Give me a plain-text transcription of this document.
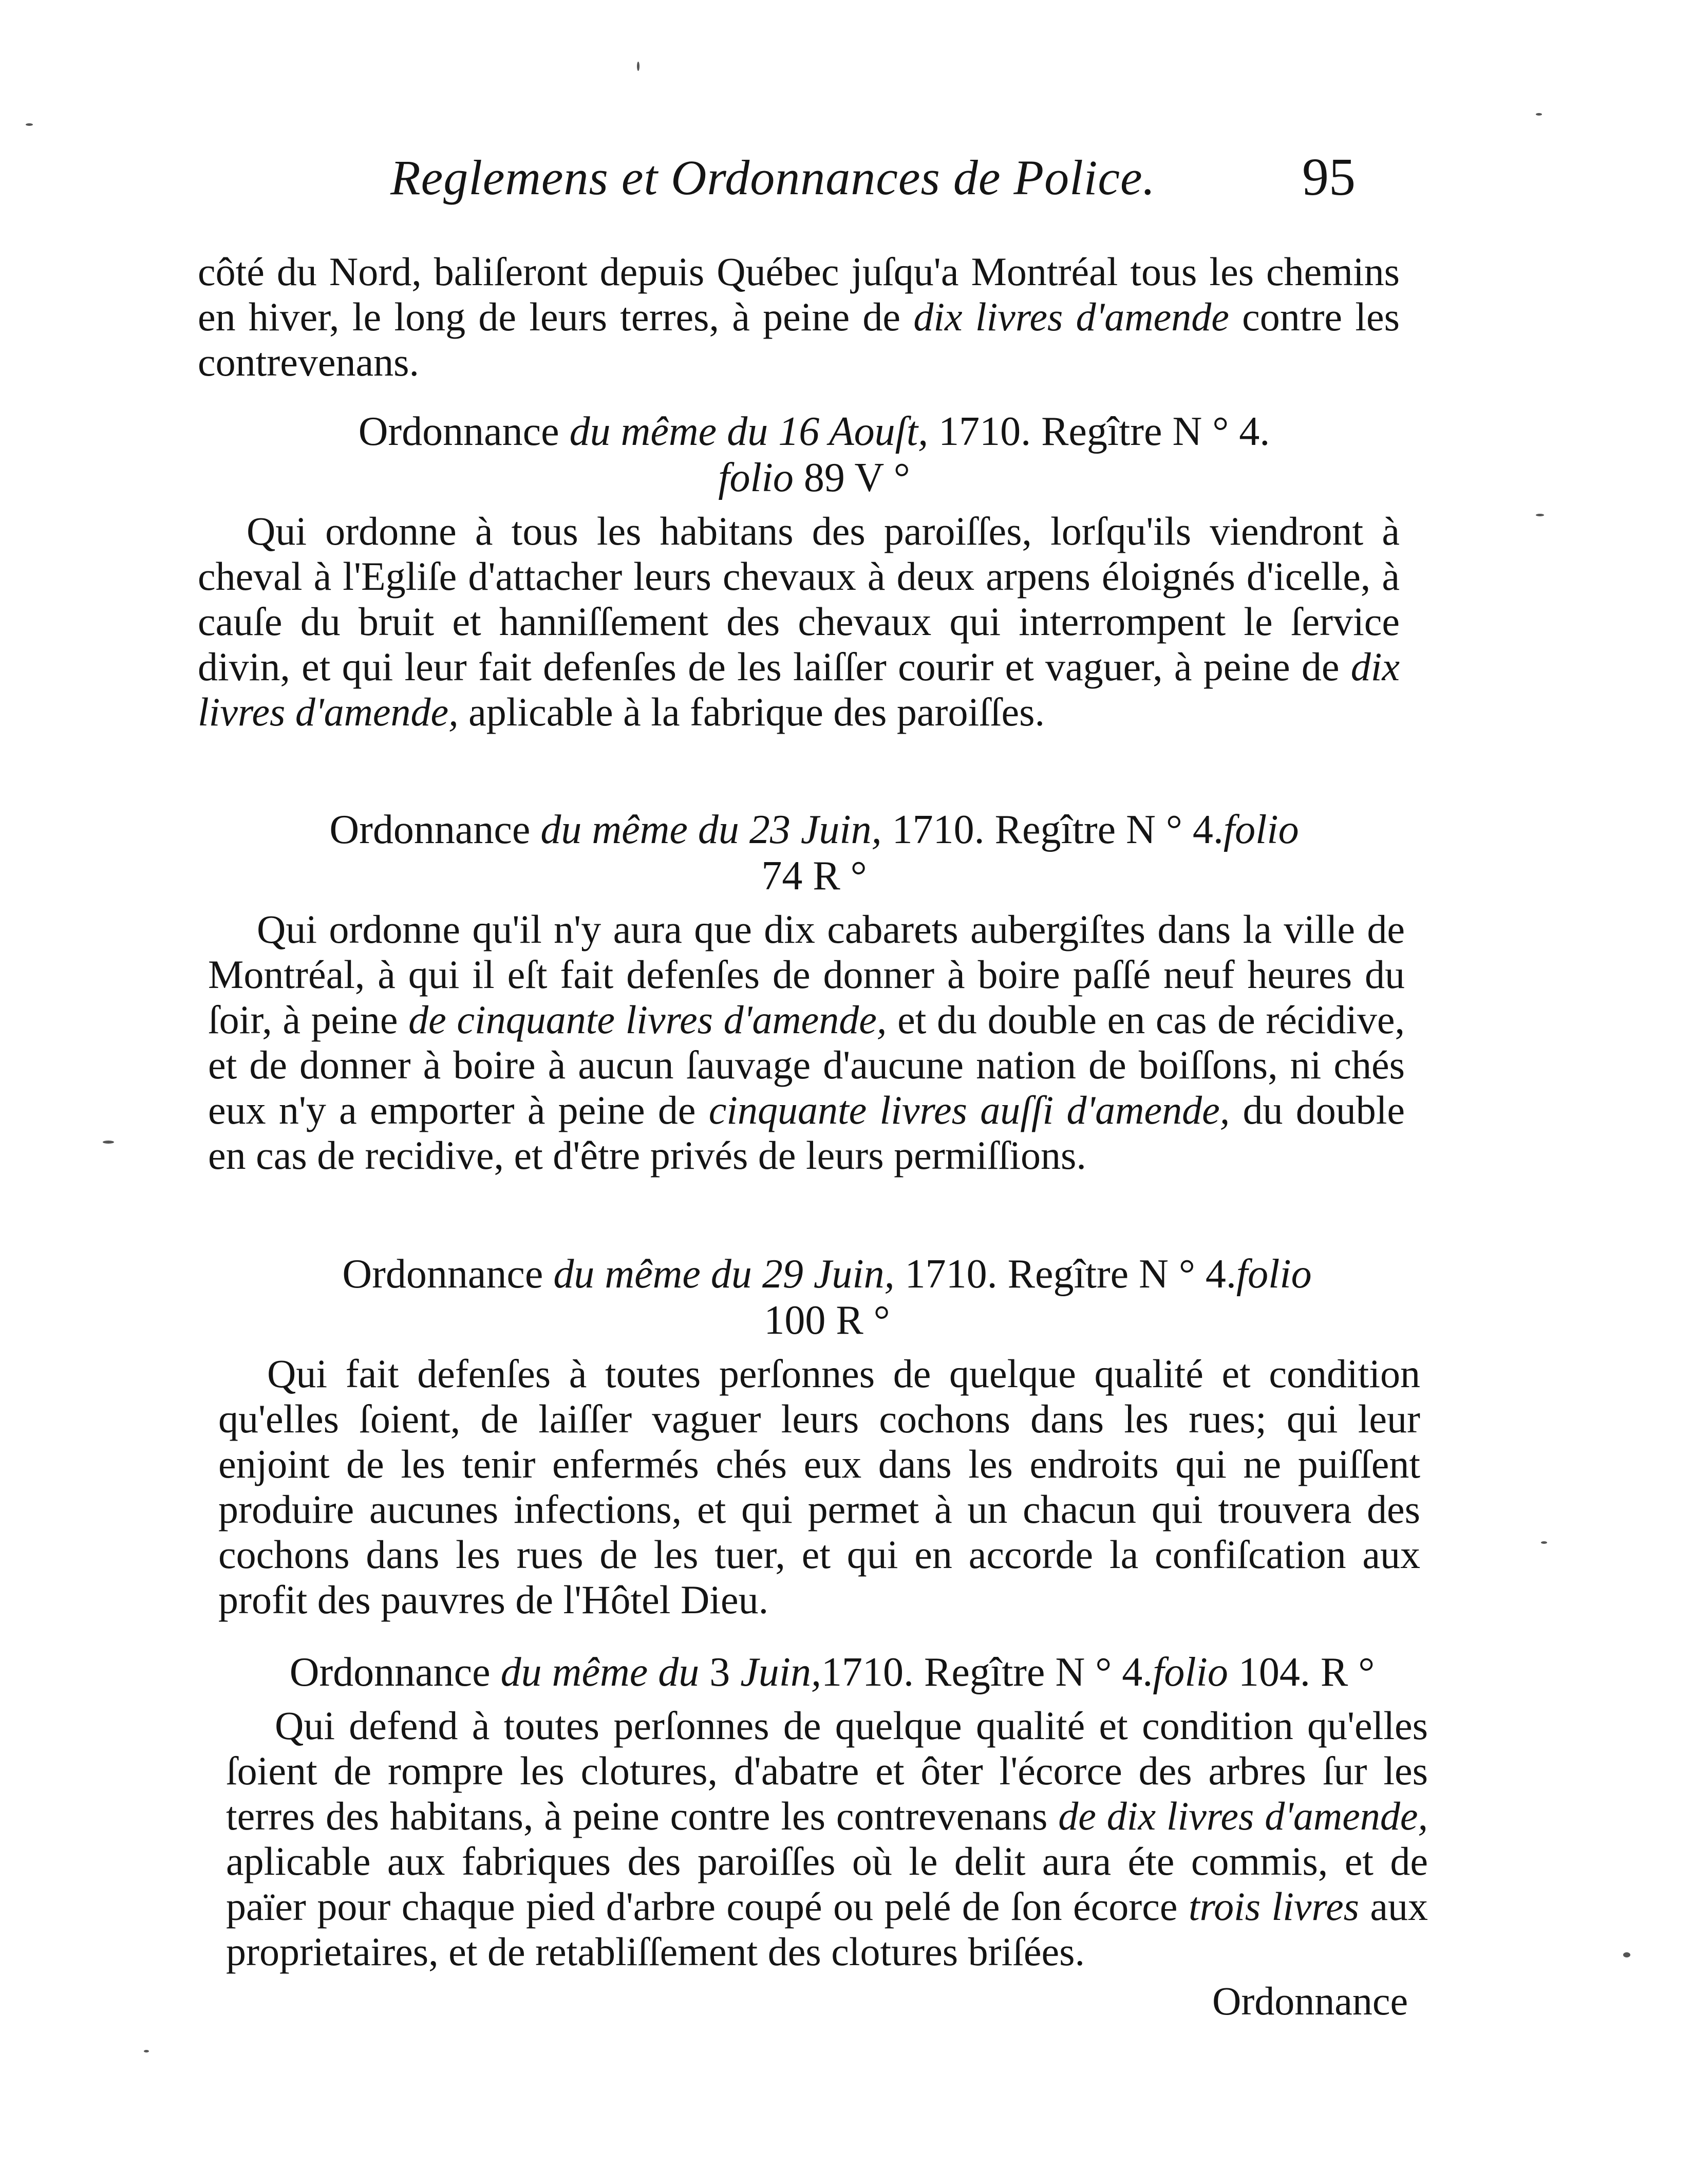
Reglemens et Ordonnances de Police.	95
côté du Nord, baliſeront depuis Québec juſqu'a Montréal tous les chemins en hiver, le long de leurs terres, à peine de dix livres d'amende contre les contrevenans.
Ordonnance du même du 16 Aouſt, 1710. Regître N ° 4.
folio 89 V °
Qui ordonne à tous les habitans des paroiſſes, lorſqu'ils viendront à cheval à l'Egliſe d'attacher leurs chevaux à deux arpens éloignés d'icelle, à cauſe du bruit et hanniſſement des chevaux qui interrompent le ſervice divin, et qui leur fait defenſes de les laiſſer courir et vaguer, à peine de dix livres d'amende, aplicable à la fabrique des paroiſſes.
Ordonnance du même du 23 Juin, 1710. Regître N ° 4.folio
74 R °
Qui ordonne qu'il n'y aura que dix cabarets aubergiſtes dans la ville de Montréal, à qui il eſt fait defenſes de donner à boire paſſé neuf heures du ſoir, à peine de cinquante livres d'amende, et du double en cas de récidive, et de donner à boire à aucun ſauvage d'aucune nation de boiſſons, ni chés eux n'y a emporter à peine de cinquante livres auſſi d'amende, du double en cas de recidive, et d'être privés de leurs permiſſions.
Ordonnance du même du 29 Juin, 1710. Regître N ° 4.folio
100 R °
Qui fait defenſes à toutes perſonnes de quelque qualité et condition qu'elles ſoient, de laiſſer vaguer leurs cochons dans les rues; qui leur enjoint de les tenir enfermés chés eux dans les endroits qui ne puiſſent produire aucunes infections, et qui permet à un chacun qui trouvera des cochons dans les rues de les tuer, et qui en accorde la confiſcation aux profit des pauvres de l'Hôtel Dieu.
Ordonnance du même du 3 Juin,1710. Regître N ° 4.folio 104. R °
Qui defend à toutes perſonnes de quelque qualité et condition qu'elles ſoient de rompre les clotures, d'abatre et ôter l'écorce des arbres ſur les terres des habitans, à peine contre les contrevenans de dix livres d'amende, aplicable aux fabriques des paroiſſes où le delit aura éte commis, et de païer pour chaque pied d'arbre coupé ou pelé de ſon écorce trois livres aux proprietaires, et de retabliſſement des clotures briſées.
Ordonnance
